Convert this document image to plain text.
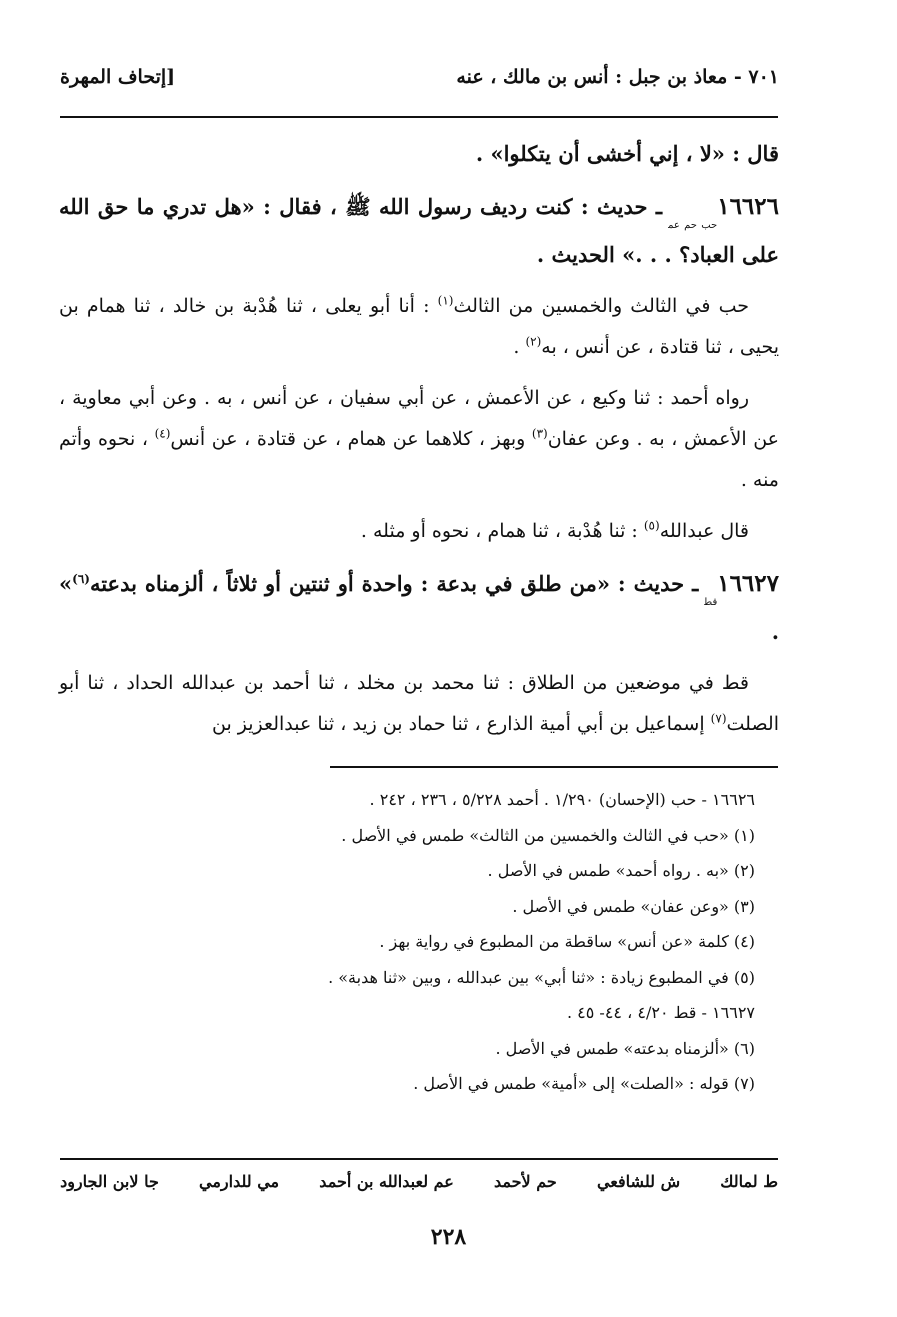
٧٠١ - معاذ بن جبل : أنس بن مالك ، عنه
[إتحاف المهرة

قال : «لا ، إني أخشى أن يتكلوا» .

$١٦٦٢٦_{حب حم عم}ـ$ حديث : كنت رديف رسول الله ﷺ ، فقال : «هل تدري ما حق الله على العباد؟ . . .» الحديث .

حب في الثالث والخمسين من الثالث$^{(١)}$ : أنا أبو يعلى ، ثنا هُدْبة بن خالد ، ثنا همام بن يحيى ، ثنا قتادة ، عن أنس ، به$^{(٢)}$ .

رواه أحمد : ثنا وكيع ، عن الأعمش ، عن أبي سفيان ، عن أنس ، به . وعن أبي معاوية ، عن الأعمش ، به . وعن عفان$^{(٣)}$ وبهز ، كلاهما عن همام ، عن قتادة ، عن أنس$^{(٤)}$ ، نحوه وأتم منه .

قال عبدالله$^{(٥)}$ : ثنا هُدْبة ، ثنا همام ، نحوه أو مثله .

$١٦٦٢٧_{قط}ـ$ حديث : «من طلق في بدعة : واحدة أو ثنتين أو ثلاثاً ، ألزمناه بدعته$^{(٦)}$» .

قط في موضعين من الطلاق : ثنا محمد بن مخلد ، ثنا أحمد بن عبدالله الحداد ، ثنا أبو الصلت$^{(٧)}$ إسماعيل بن أبي أمية الذارع ، ثنا حماد بن زيد ، ثنا عبدالعزيز بن

١٦٦٢٦ - حب (الإحسان) ١/٢٩٠ . أحمد ٥/٢٢٨ ، ٢٣٦ ، ٢٤٢ .
(١) «حب في الثالث والخمسين من الثالث» طمس في الأصل .
(٢) «به . رواه أحمد» طمس في الأصل .
(٣) «وعن عفان» طمس في الأصل .
(٤) كلمة «عن أنس» ساقطة من المطبوع في رواية بهز .
(٥) في المطبوع زيادة : «ثنا أبي» بين عبدالله ، وبين «ثنا هدبة» .
١٦٦٢٧ - قط ٤/٢٠ ، ٤٤- ٤٥ .
(٦) «ألزمناه بدعته» طمس في الأصل .
(٧) قوله : «الصلت» إلى «أمية» طمس في الأصل .
ط لمالك
ش للشافعي
حم لأحمد
عم لعبدالله بن أحمد
مي للدارمي
جا لابن الجارود
٢٢٨
